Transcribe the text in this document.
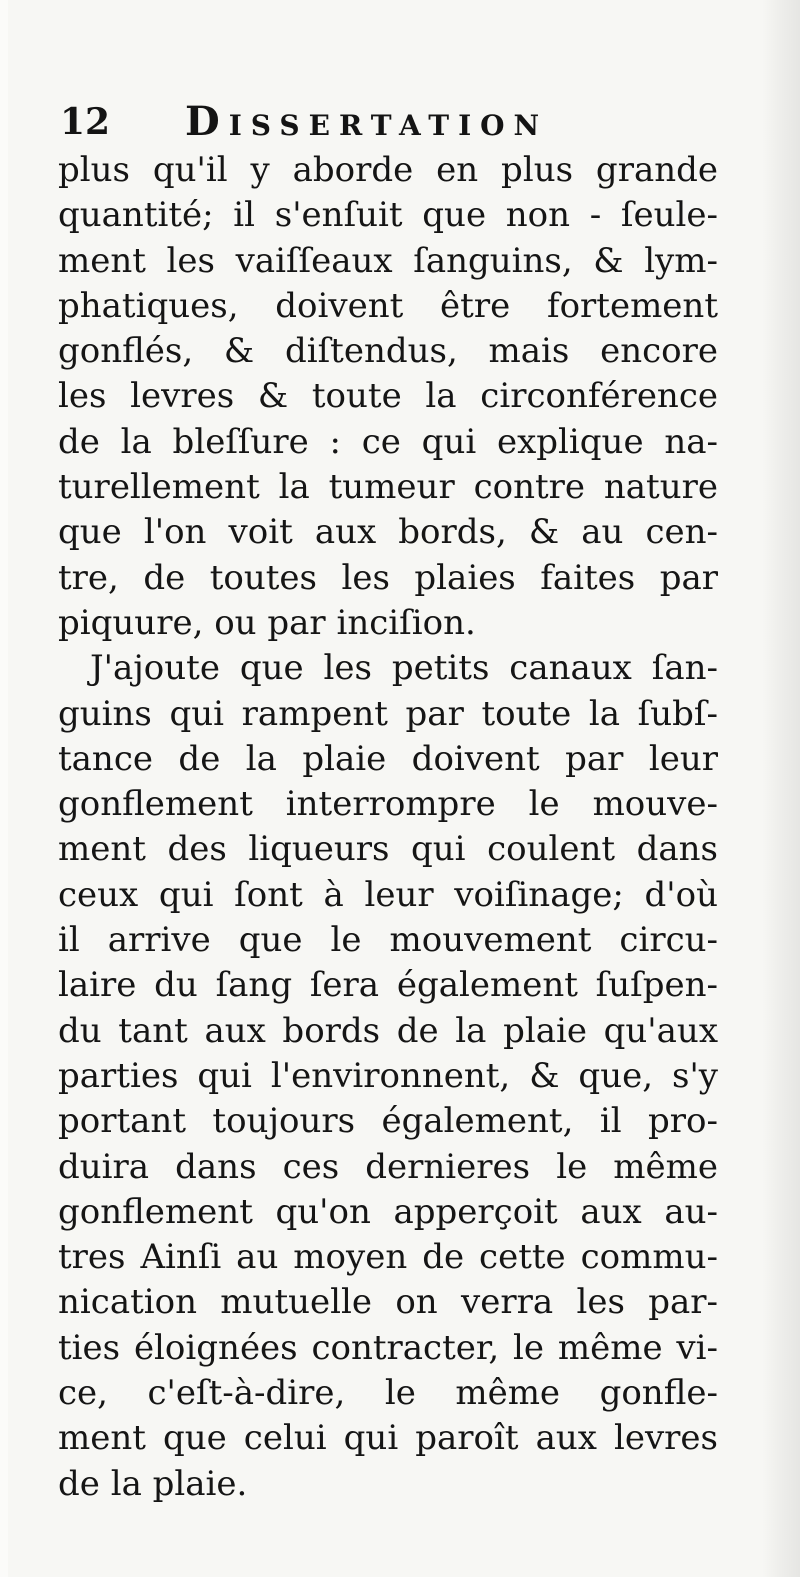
12 Dissertation
plus qu'il y aborde en plus grande
quantité; il s'enſuit que non - ſeule-
ment les vaiſſeaux ſanguins, & lym-
phatiques, doivent être fortement
gonflés, & diſtendus, mais encore
les levres & toute la circonférence
de la bleſſure : ce qui explique na-
turellement la tumeur contre nature
que l'on voit aux bords, & au cen-
tre, de toutes les plaies faites par
piquure, ou par inciſion.
J'ajoute que les petits canaux ſan-
guins qui rampent par toute la ſubſ-
tance de la plaie doivent par leur
gonflement interrompre le mouve-
ment des liqueurs qui coulent dans
ceux qui ſont à leur voiſinage; d'où
il arrive que le mouvement circu-
laire du ſang ſera également ſuſpen-
du tant aux bords de la plaie qu'aux
parties qui l'environnent, & que, s'y
portant toujours également, il pro-
duira dans ces dernieres le même
gonflement qu'on apperçoit aux au-
tres Ainſi au moyen de cette commu-
nication mutuelle on verra les par-
ties éloignées contracter, le même vi-
ce, c'eſt-à-dire, le même gonfle-
ment que celui qui paroît aux levres
de la plaie.
